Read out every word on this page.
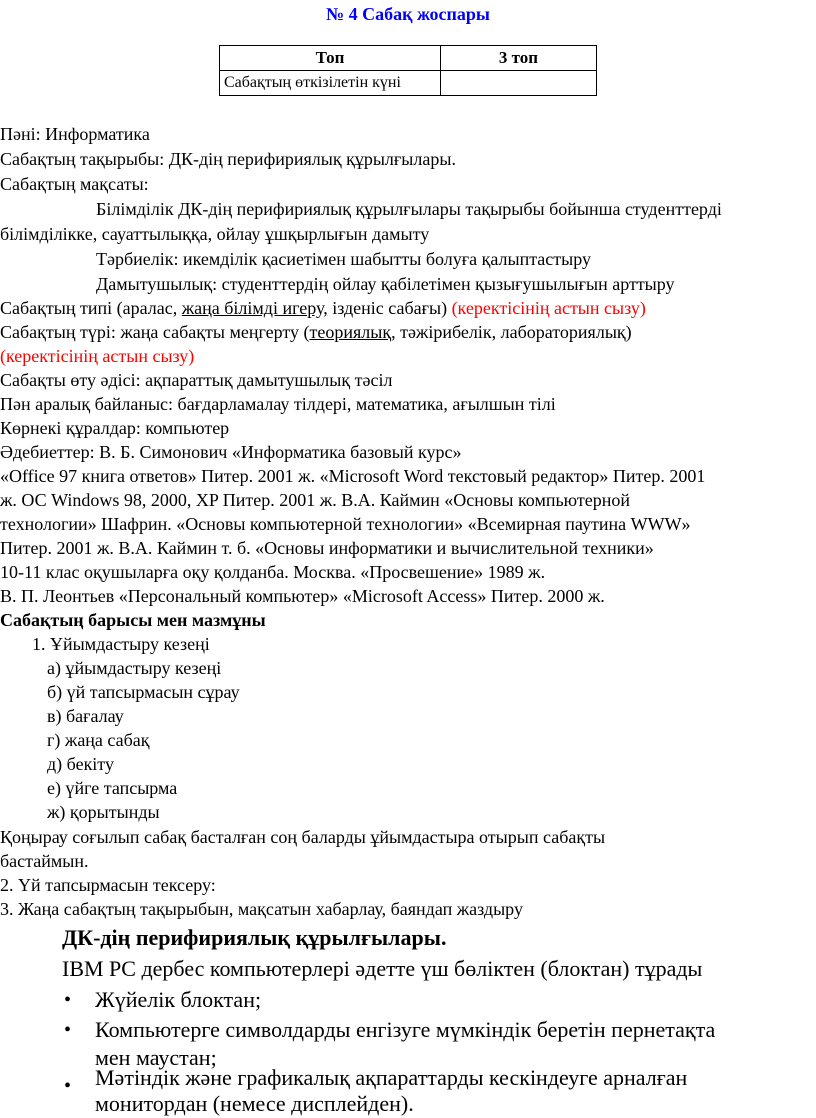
№ 4 Сабақ жоспары
Топ	3 топ
Сабақтың өткізілетін күні	
Пәні: Информатика
Сабақтың тақырыбы: ДК-дің перифириялық құрылғылары.
Сабақтың мақсаты:
Білімділік ДК-дің перифириялық құрылғылары тақырыбы бойынша студенттерді
білімділікке, сауаттылыққа, ойлау ұшқырлығын дамыту
Тәрбиелік: икемділік қасиетімен шабытты болуға қалыптастыру
Дамытушылық: студенттердің ойлау қабілетімен қызығушылығын арттыру
Сабақтың типі (аралас, жаңа білімді игеру, ізденіс сабағы) (керектісінің астын сызу)
Сабақтың түрі: жаңа сабақты меңгерту (теориялық, тәжірибелік, лабораториялық)
(керектісінің астын сызу)
Сабақты өту әдісі: ақпараттық дамытушылық тәсіл
Пән аралық байланыс: бағдарламалау тілдері, математика, ағылшын тілі
Көрнекі құралдар: компьютер
Әдебиеттер: В. Б. Симонович «Информатика базовый курс»
«Office 97 книга ответов» Питер. 2001 ж. «Microsoft Word текстовый редактор» Питер. 2001
ж. ОС Windows 98, 2000, XP Питер. 2001 ж. В.А. Каймин «Основы компьютерной
технологии» Шафрин. «Основы компьютерной технологии» «Всемирная паутина WWW»
Питер. 2001 ж. В.А. Каймин т. б. «Основы информатики и вычислительной техники»
10-11 клас оқушыларға оқу қолданба. Москва. «Просвешение» 1989 ж.
В. П. Леонтьев «Персональный компьютер» «Microsoft Access» Питер. 2000 ж.
Сабақтың барысы мен мазмұны
1. Ұйымдастыру кезеңі
а) ұйымдастыру кезеңі
б) үй тапсырмасын сұрау
в) бағалау
г) жаңа сабақ
д) бекіту
е) үйге тапсырма
ж) қорытынды
Қоңырау соғылып сабақ басталған соң баларды ұйымдастыра отырып сабақты
бастаймын.
2. Үй тапсырмасын тексеру:
3. Жаңа сабақтың тақырыбын, мақсатын хабарлау, баяндап жаздыру
ДК-дің перифириялық құрылғылары.
IBM PC дербес компьютерлері әдетте үш бөліктен (блоктан) тұрады
• Жүйелік блоктан;
• Компьютерге символдарды енгізуге мүмкіндік беретін пернетақта
мен маустан;
• Мәтіндік және графикалық ақпараттарды кескіндеуге арналған
монитордан (немесе дисплейден).
